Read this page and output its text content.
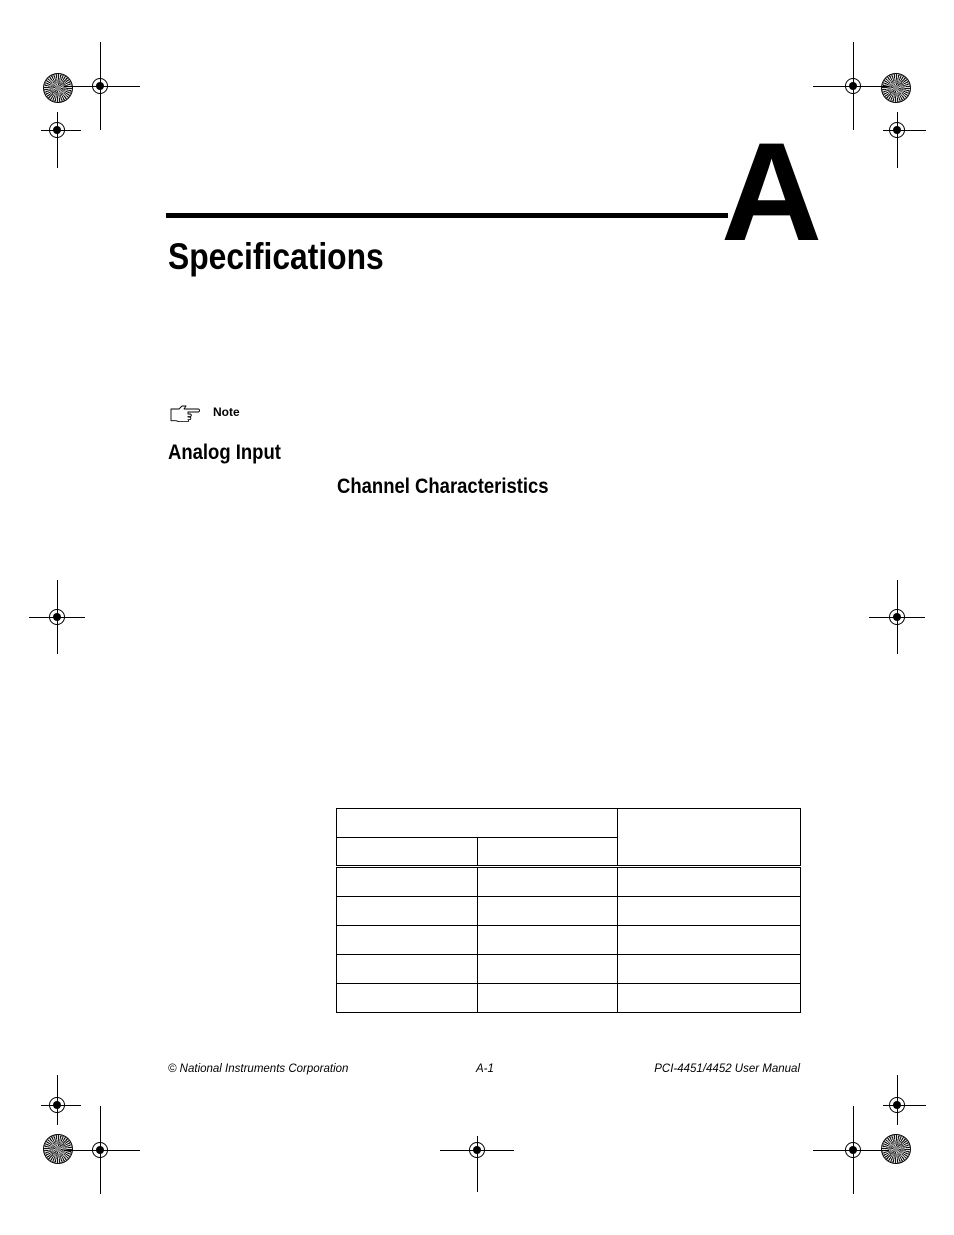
A
Specifications
Note
Analog Input
Channel Characteristics

© National Instruments Corporation	A-1	PCI-4451/4452 User Manual
